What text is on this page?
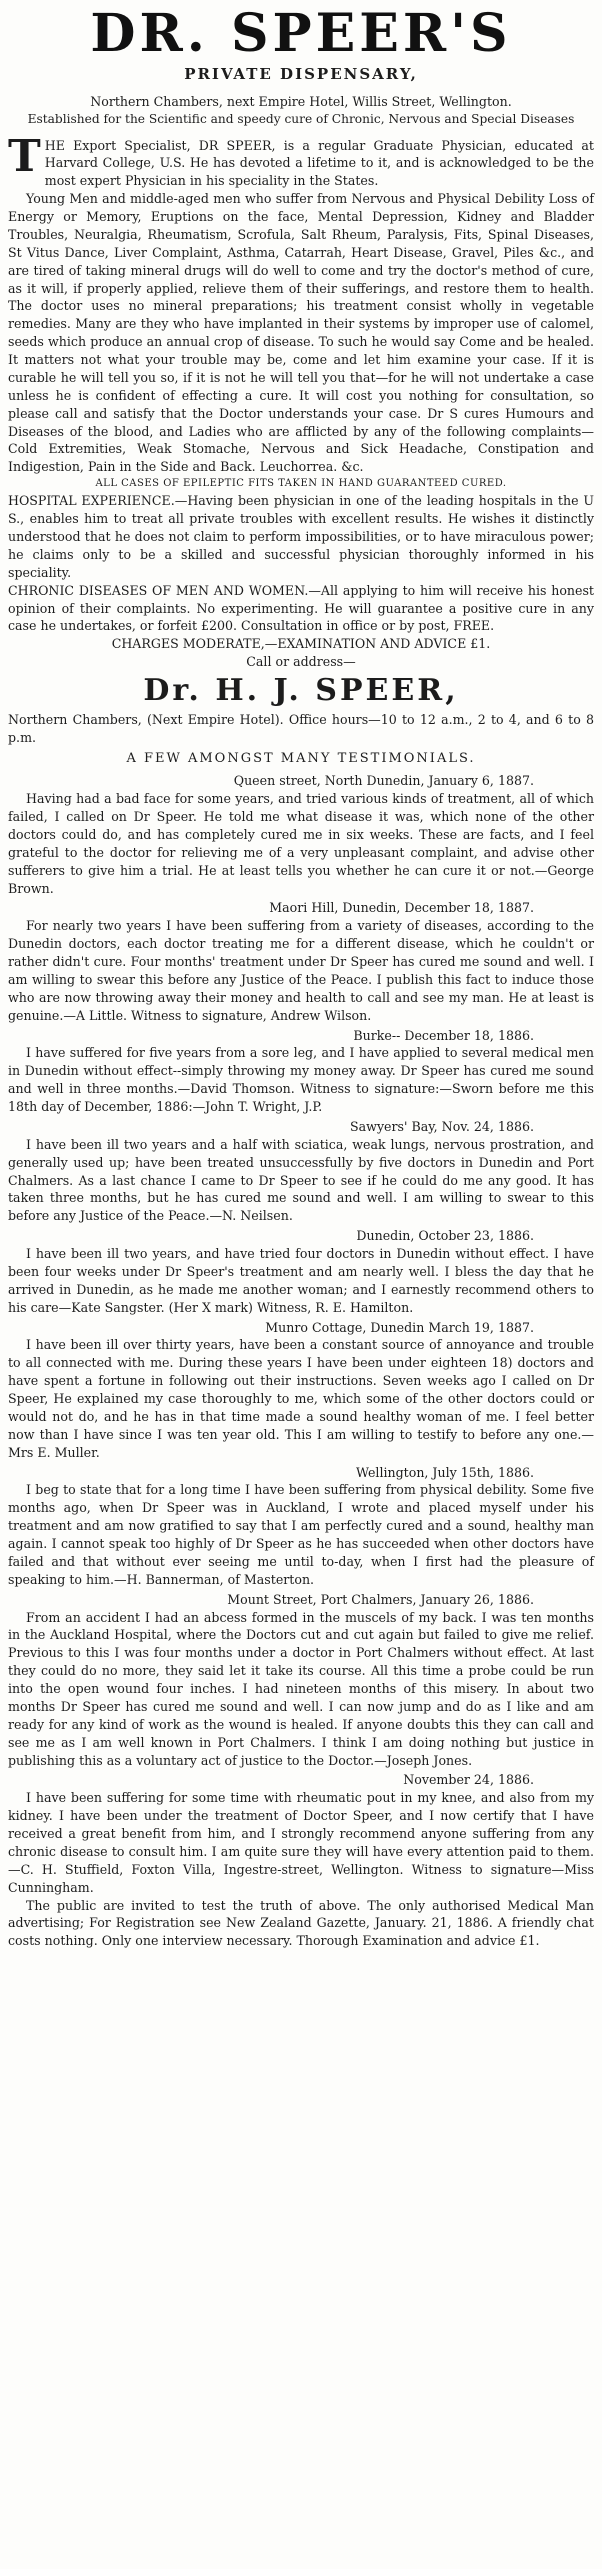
DR. SPEER'S
PRIVATE DISPENSARY,
Northern Chambers, next Empire Hotel, Willis Street, Wellington.
Established for the Scientific and speedy cure of Chronic, Nervous and Special Diseases

THE Export Specialist, DR SPEER, is a regular Graduate Physician, educated at Harvard College, U.S. He has devoted a lifetime to it, and is acknowledged to be the most expert Physician in his speciality in the States.

Young Men and middle-aged men who suffer from Nervous and Physical Debility Loss of Energy or Memory, Eruptions on the face, Mental Depression, Kidney and Bladder Troubles, Neuralgia, Rheumatism, Scrofula, Salt Rheum, Paralysis, Fits, Spinal Diseases, St Vitus Dance, Liver Complaint, Asthma, Catarrah, Heart Disease, Gravel, Piles &c., and are tired of taking mineral drugs will do well to come and try the doctor's method of cure, as it will, if properly applied, relieve them of their sufferings, and restore them to health. The doctor uses no mineral preparations; his treatment consist wholly in vegetable remedies. Many are they who have implanted in their systems by improper use of calomel, seeds which produce an annual crop of disease. To such he would say Come and be healed. It matters not what your trouble may be, come and let him examine your case. If it is curable he will tell you so, if it is not he will tell you that—for he will not undertake a case unless he is confident of effecting a cure. It will cost you nothing for consultation, so please call and satisfy that the Doctor understands your case. Dr S cures Humours and Diseases of the blood, and Ladies who are afflicted by any of the following complaints—Cold Extremities, Weak Stomache, Nervous and Sick Headache, Constipation and Indigestion, Pain in the Side and Back. Leuchorrea. &c.

ALL CASES OF EPILEPTIC FITS TAKEN IN HAND GUARANTEED CURED.

HOSPITAL EXPERIENCE.—Having been physician in one of the leading hospitals in the U S., enables him to treat all private troubles with excellent results. He wishes it distinctly understood that he does not claim to perform impossibilities, or to have miraculous power; he claims only to be a skilled and successful physician thoroughly informed in his speciality.

CHRONIC DISEASES OF MEN AND WOMEN.—All applying to him will receive his honest opinion of their complaints. No experimenting. He will guarantee a positive cure in any case he undertakes, or forfeit £200. Consultation in office or by post, FREE.

CHARGES MODERATE,—EXAMINATION AND ADVICE £1.
Call or address—
Dr. H. J. SPEER,

Northern Chambers, (Next Empire Hotel). Office hours—10 to 12 a.m., 2 to 4, and 6 to 8 p.m.

A FEW AMONGST MANY TESTIMONIALS.
Queen street, North Dunedin, January 6, 1887.

Having had a bad face for some years, and tried various kinds of treatment, all of which failed, I called on Dr Speer. He told me what disease it was, which none of the other doctors could do, and has completely cured me in six weeks. These are facts, and I feel grateful to the doctor for relieving me of a very unpleasant complaint, and advise other sufferers to give him a trial. He at least tells you whether he can cure it or not.—George Brown.

Maori Hill, Dunedin, December 18, 1887.

For nearly two years I have been suffering from a variety of diseases, according to the Dunedin doctors, each doctor treating me for a different disease, which he couldn't or rather didn't cure. Four months' treatment under Dr Speer has cured me sound and well. I am willing to swear this before any Justice of the Peace. I publish this fact to induce those who are now throwing away their money and health to call and see my man. He at least is genuine.—A Little. Witness to signature, Andrew Wilson.

Burke-- December 18, 1886.

I have suffered for five years from a sore leg, and I have applied to several medical men in Dunedin without effect--simply throwing my money away. Dr Speer has cured me sound and well in three months.—David Thomson. Witness to signature:—Sworn before me this 18th day of December, 1886:—John T. Wright, J.P.

Sawyers' Bay, Nov. 24, 1886.

I have been ill two years and a half with sciatica, weak lungs, nervous prostration, and generally used up; have been treated unsuccessfully by five doctors in Dunedin and Port Chalmers. As a last chance I came to Dr Speer to see if he could do me any good. It has taken three months, but he has cured me sound and well. I am willing to swear to this before any Justice of the Peace.—N. Neilsen.

Dunedin, October 23, 1886.

I have been ill two years, and have tried four doctors in Dunedin without effect. I have been four weeks under Dr Speer's treatment and am nearly well. I bless the day that he arrived in Dunedin, as he made me another woman; and I earnestly recommend others to his care—Kate Sangster. (Her X mark) Witness, R. E. Hamilton.

Munro Cottage, Dunedin March 19, 1887.

I have been ill over thirty years, have been a constant source of annoyance and trouble to all connected with me. During these years I have been under eighteen 18) doctors and have spent a fortune in following out their instructions. Seven weeks ago I called on Dr Speer, He explained my case thoroughly to me, which some of the other doctors could or would not do, and he has in that time made a sound healthy woman of me. I feel better now than I have since I was ten year old. This I am willing to testify to before any one.—Mrs E. Muller.

Wellington, July 15th, 1886.

I beg to state that for a long time I have been suffering from physical debility. Some five months ago, when Dr Speer was in Auckland, I wrote and placed myself under his treatment and am now gratified to say that I am perfectly cured and a sound, healthy man again. I cannot speak too highly of Dr Speer as he has succeeded when other doctors have failed and that without ever seeing me until to-day, when I first had the pleasure of speaking to him.—H. Bannerman, of Masterton.

Mount Street, Port Chalmers, January 26, 1886.

From an accident I had an abcess formed in the muscels of my back. I was ten months in the Auckland Hospital, where the Doctors cut and cut again but failed to give me relief. Previous to this I was four months under a doctor in Port Chalmers without effect. At last they could do no more, they said let it take its course. All this time a probe could be run into the open wound four inches. I had nineteen months of this misery. In about two months Dr Speer has cured me sound and well. I can now jump and do as I like and am ready for any kind of work as the wound is healed. If anyone doubts this they can call and see me as I am well known in Port Chalmers. I think I am doing nothing but justice in publishing this as a voluntary act of justice to the Doctor.—Joseph Jones.

November 24, 1886.

I have been suffering for some time with rheumatic pout in my knee, and also from my kidney. I have been under the treatment of Doctor Speer, and I now certify that I have received a great benefit from him, and I strongly recommend anyone suffering from any chronic disease to consult him. I am quite sure they will have every attention paid to them.—C. H. Stuffield, Foxton Villa, Ingestre-street, Wellington. Witness to signature—Miss Cunningham.

The public are invited to test the truth of above. The only authorised Medical Man advertising; For Registration see New Zealand Gazette, January. 21, 1886. A friendly chat costs nothing. Only one interview necessary. Thorough Examination and advice £1.
